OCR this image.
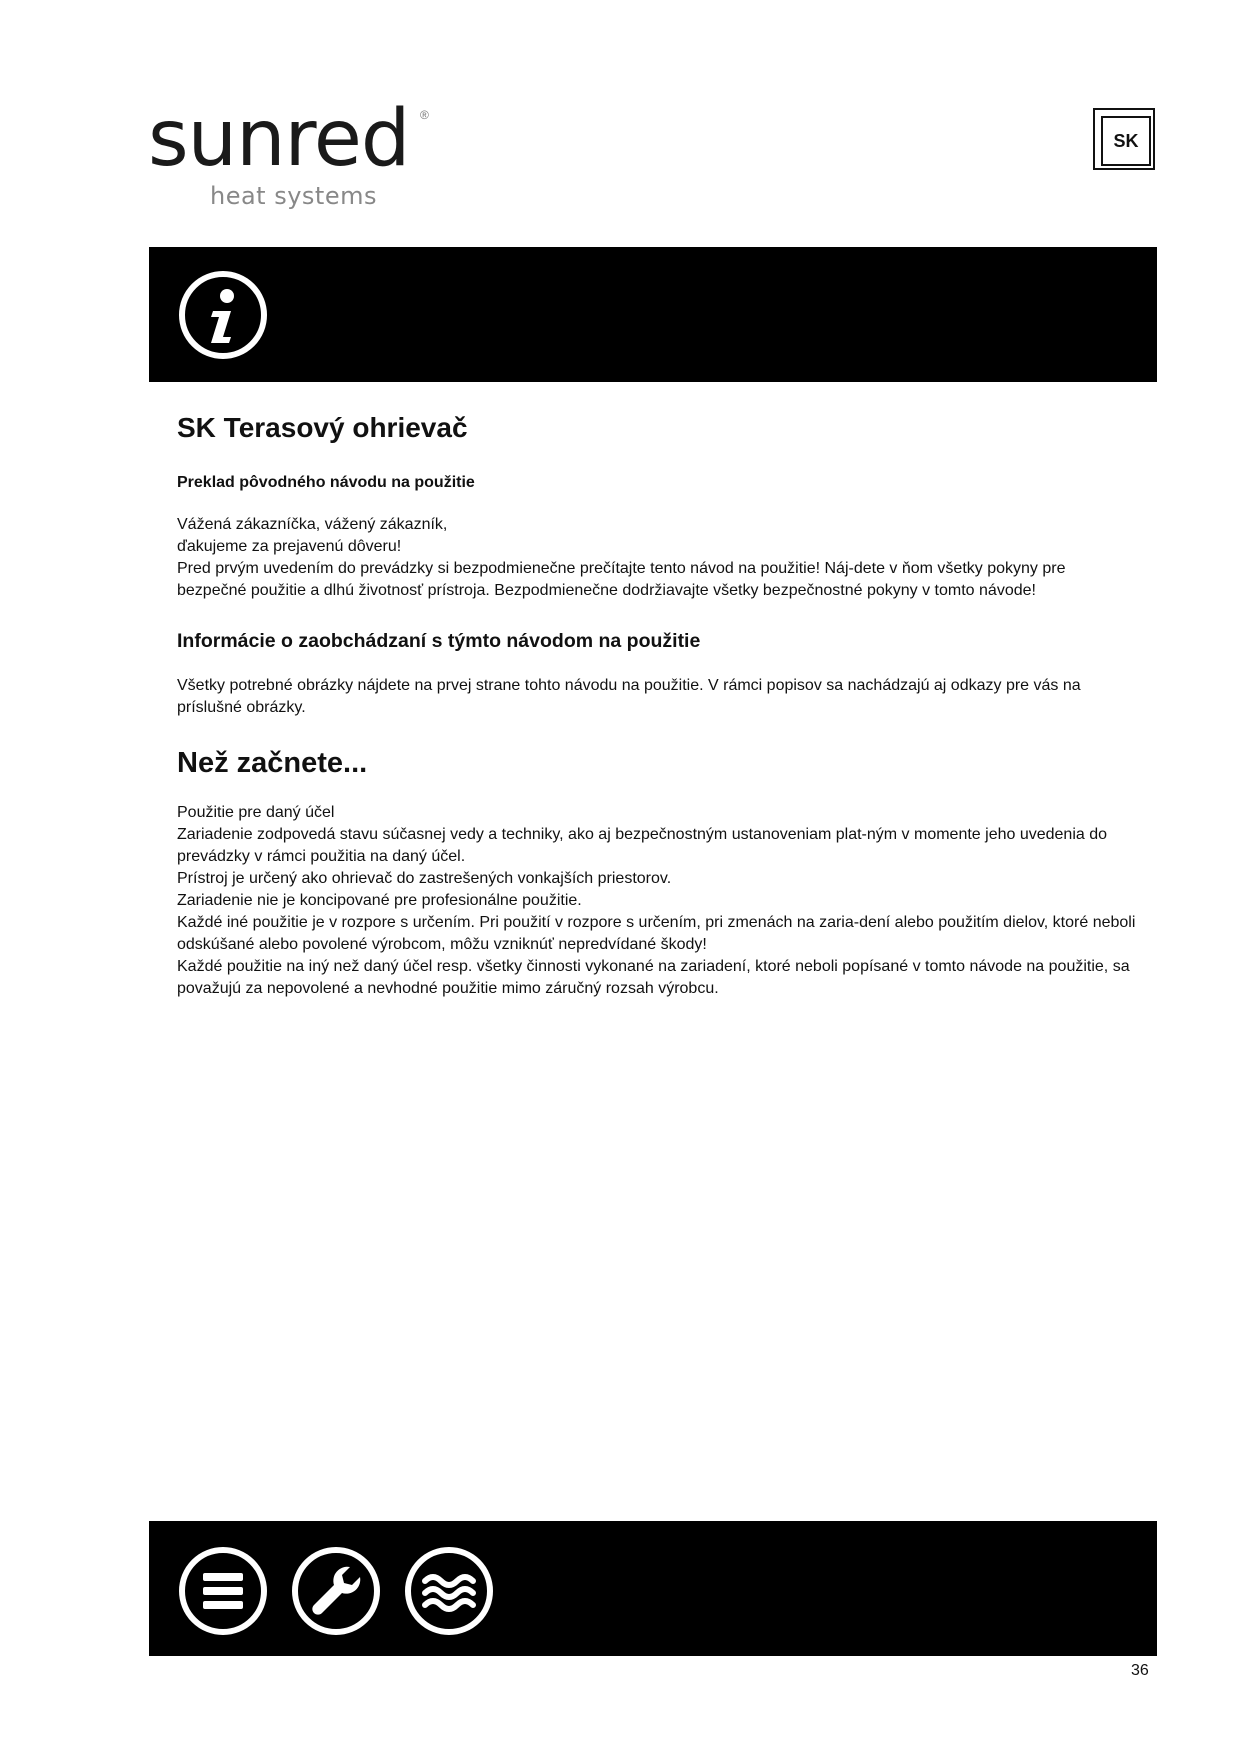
sunred ®
heat systems
SK
SK Terasový ohrievač
Preklad pôvodného návodu na použitie
Vážená zákazníčka, vážený zákazník,
ďakujeme za prejavenú dôveru!
Pred prvým uvedením do prevádzky si bezpodmienečne prečítajte tento návod na použitie! Náj-dete v ňom všetky pokyny pre bezpečné použitie a dlhú životnosť prístroja. Bezpodmienečne dodržiavajte všetky bezpečnostné pokyny v tomto návode!
Informácie o zaobchádzaní s týmto návodom na použitie
Všetky potrebné obrázky nájdete na prvej strane tohto návodu na použitie. V rámci popisov sa nachádzajú aj odkazy pre vás na príslušné obrázky.
Než začnete...
Použitie pre daný účel
Zariadenie zodpovedá stavu súčasnej vedy a techniky, ako aj bezpečnostným ustanoveniam plat-ným v momente jeho uvedenia do prevádzky v rámci použitia na daný účel.
Prístroj je určený ako ohrievač do zastrešených vonkajších priestorov.
Zariadenie nie je koncipované pre profesionálne použitie.
Každé iné použitie je v rozpore s určením. Pri použití v rozpore s určením, pri zmenách na zaria-dení alebo použitím dielov, ktoré neboli odskúšané alebo povolené výrobcom, môžu vzniknúť nepredvídané škody!
Každé použitie na iný než daný účel resp. všetky činnosti vykonané na zariadení, ktoré neboli popísané v tomto návode na použitie, sa považujú za nepovolené a nevhodné použitie mimo záručný rozsah výrobcu.
36
